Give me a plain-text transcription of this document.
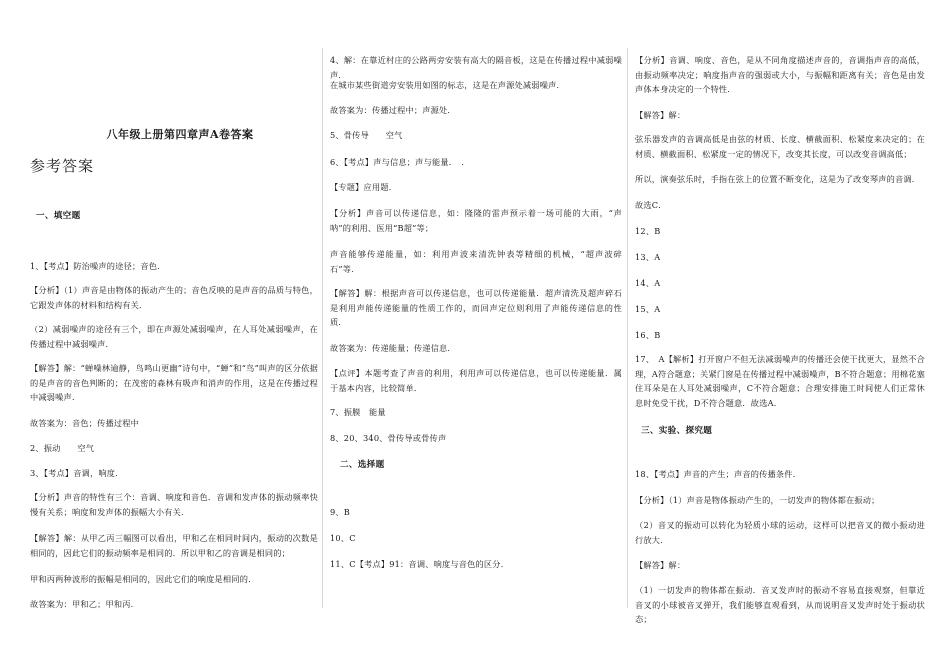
八年级上册第四章声A卷答案
参考答案
一、填空题

1、【考点】防治噪声的途径；音色．

【分析】（1）声音是由物体的振动产生的；音色反映的是声音的品质与特色，它跟发声体的材料和结构有关．

（2）减弱噪声的途径有三个，即在声源处减弱噪声，在人耳处减弱噪声，在传播过程中减弱噪声．

【解答】解：“蝉噪林逾静，鸟鸣山更幽”诗句中，“蝉”和“鸟”叫声的区分依据的是声音的音色判断的；在茂密的森林有吸声和消声的作用，这是在传播过程中减弱噪声．

故答案为：音色；传播过程中

2、振动　　空气

3、【考点】音调，响度．

【分析】声音的特性有三个：音调、响度和音色．音调和发声体的振动频率快慢有关系；响度和发声体的振幅大小有关．

【解答】解：从甲乙丙三幅图可以看出，甲和乙在相同时间内，振动的次数是相同的，因此它们的振动频率是相同的．所以甲和乙的音调是相同的；

甲和丙两种波形的振幅是相同的，因此它们的响度是相同的．

故答案为：甲和乙；甲和丙．

4、解：在靠近村庄的公路两旁安装有高大的隔音板，这是在传播过程中减弱噪声．

在城市某些街道旁安装用如图的标志，这是在声源处减弱噪声．

故答案为：传播过程中；声源处．

5、骨传导　　空气

6、【考点】声与信息；声与能量．　．

【专题】应用题．

【分析】声音可以传递信息，如：隆隆的雷声预示着一场可能的大雨，“声呐”的利用、医用“B超”等；

声音能够传递能量，如：利用声波来清洗钟表等精细的机械，“超声波碎石”等．

【解答】解：根据声音可以传递信息，也可以传递能量．超声清洗及超声碎石是利用声能传递能量的性质工作的，而回声定位则利用了声能传递信息的性质．

故答案为：传递能量；传递信息．

【点评】本题考查了声音的利用，利用声可以传递信息，也可以传递能量．属于基本内容，比较简单．

7、振膜　能量

8、20、340、骨传导或骨传声

二、选择题

9、B

10、C

11、C【考点】91：音调、响度与音色的区分．

【分析】音调、响度、音色，是从不同角度描述声音的，音调指声音的高低，由振动频率决定；响度指声音的强弱或大小，与振幅和距离有关；音色是由发声体本身决定的一个特性．

【解答】解：

弦乐器发声的音调高低是由弦的材质、长度、横截面积、松紧度来决定的；在材质、横截面积、松紧度一定的情况下，改变其长度，可以改变音调高低；

所以，演奏弦乐时，手指在弦上的位置不断变化，这是为了改变琴声的音调．

故选C．

12、B

13、A

14、A

15、A

16、B

17、　A【解析】打开窗户不但无法减弱噪声的传播还会使干扰更大，显然不合理，A符合题意；关紧门窗是在传播过程中减弱噪声，B不符合题意；用棉花塞住耳朵是在人耳处减弱噪声，C不符合题意；合理安排施工时间使人们正常休息时免受干扰，D不符合题意．故选A．

三、实验、探究题

18、【考点】声音的产生；声音的传播条件．

【分析】（1）声音是物体振动产生的，一切发声的物体都在振动；

（2）音叉的振动可以转化为轻质小球的运动，这样可以把音叉的微小振动进行放大．

【解答】解：

（1）一切发声的物体都在振动．音叉发声时的振动不容易直接观察，但靠近音叉的小球被音叉弹开，我们能够直观看到，从而说明音叉发声时处于振动状态；
